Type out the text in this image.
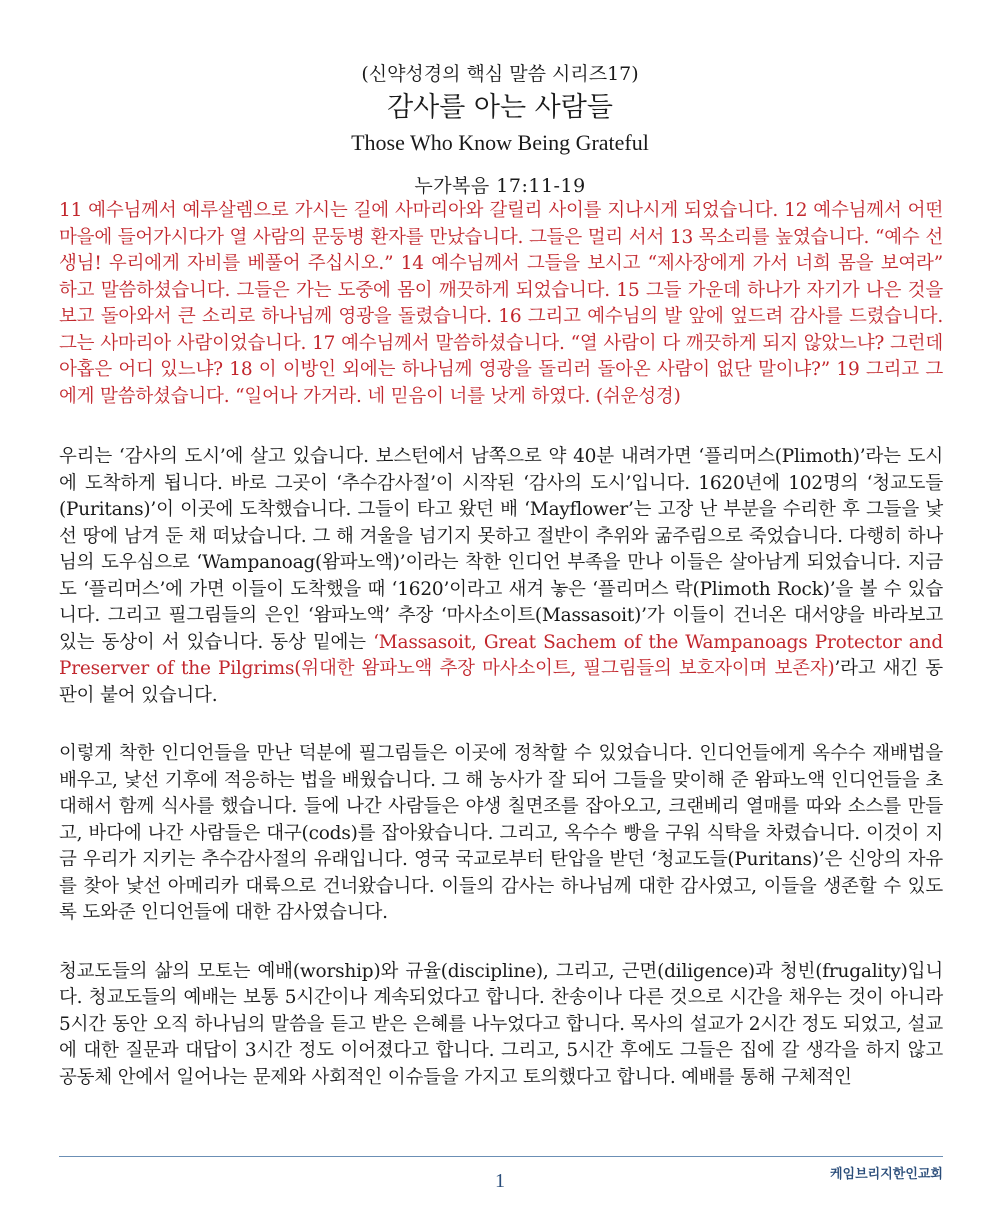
(신약성경의 핵심 말씀 시리즈17)
감사를 아는 사람들
Those Who Know Being Grateful
누가복음 17:11-19

11 예수님께서 예루살렘으로 가시는 길에 사마리아와 갈릴리 사이를 지나시게 되었습니다. 12 예수님께서 어떤 마을에 들어가시다가 열 사람의 문둥병 환자를 만났습니다. 그들은 멀리 서서 13 목소리를 높였습니다. “예수 선생님! 우리에게 자비를 베풀어 주십시오.” 14 예수님께서 그들을 보시고 “제사장에게 가서 너희 몸을 보여라” 하고 말씀하셨습니다. 그들은 가는 도중에 몸이 깨끗하게 되었습니다. 15 그들 가운데 하나가 자기가 나은 것을 보고 돌아와서 큰 소리로 하나님께 영광을 돌렸습니다. 16 그리고 예수님의 발 앞에 엎드려 감사를 드렸습니다. 그는 사마리아 사람이었습니다. 17 예수님께서 말씀하셨습니다. “열 사람이 다 깨끗하게 되지 않았느냐? 그런데 아홉은 어디 있느냐? 18 이 이방인 외에는 하나님께 영광을 돌리러 돌아온 사람이 없단 말이냐?” 19 그리고 그에게 말씀하셨습니다. “일어나 가거라. 네 믿음이 너를 낫게 하였다. (쉬운성경)

우리는 ‘감사의 도시’에 살고 있습니다. 보스턴에서 남쪽으로 약 40분 내려가면 ‘플리머스(Plimoth)’라는 도시에 도착하게 됩니다. 바로 그곳이 ‘추수감사절’이 시작된 ‘감사의 도시’입니다. 1620년에 102명의 ‘청교도들(Puritans)’이 이곳에 도착했습니다. 그들이 타고 왔던 배 ‘Mayflower’는 고장 난 부분을 수리한 후 그들을 낯선 땅에 남겨 둔 채 떠났습니다. 그 해 겨울을 넘기지 못하고 절반이 추위와 굶주림으로 죽었습니다. 다행히 하나님의 도우심으로 ‘Wampanoag(왐파노액)’이라는 착한 인디언 부족을 만나 이들은 살아남게 되었습니다. 지금도 ‘플리머스’에 가면 이들이 도착했을 때 ‘1620’이라고 새겨 놓은 ‘플리머스 락(Plimoth Rock)’을 볼 수 있습니다. 그리고 필그림들의 은인 ‘왐파노액’ 추장 ‘마사소이트(Massasoit)’가 이들이 건너온 대서양을 바라보고 있는 동상이 서 있습니다. 동상 밑에는 ‘Massasoit, Great Sachem of the Wampanoags Protector and Preserver of the Pilgrims(위대한 왐파노액 추장 마사소이트, 필그림들의 보호자이며 보존자)’라고 새긴 동판이 붙어 있습니다.

이렇게 착한 인디언들을 만난 덕분에 필그림들은 이곳에 정착할 수 있었습니다. 인디언들에게 옥수수 재배법을 배우고, 낯선 기후에 적응하는 법을 배웠습니다. 그 해 농사가 잘 되어 그들을 맞이해 준 왐파노액 인디언들을 초대해서 함께 식사를 했습니다. 들에 나간 사람들은 야생 칠면조를 잡아오고, 크랜베리 열매를 따와 소스를 만들고, 바다에 나간 사람들은 대구(cods)를 잡아왔습니다. 그리고, 옥수수 빵을 구워 식탁을 차렸습니다. 이것이 지금 우리가 지키는 추수감사절의 유래입니다. 영국 국교로부터 탄압을 받던 ‘청교도들(Puritans)’은 신앙의 자유를 찾아 낯선 아메리카 대륙으로 건너왔습니다. 이들의 감사는 하나님께 대한 감사였고, 이들을 생존할 수 있도록 도와준 인디언들에 대한 감사였습니다.

청교도들의 삶의 모토는 예배(worship)와 규율(discipline), 그리고, 근면(diligence)과 청빈(frugality)입니다. 청교도들의 예배는 보통 5시간이나 계속되었다고 합니다. 찬송이나 다른 것으로 시간을 채우는 것이 아니라 5시간 동안 오직 하나님의 말씀을 듣고 받은 은혜를 나누었다고 합니다. 목사의 설교가 2시간 정도 되었고, 설교에 대한 질문과 대답이 3시간 정도 이어졌다고 합니다. 그리고, 5시간 후에도 그들은 집에 갈 생각을 하지 않고 공동체 안에서 일어나는 문제와 사회적인 이슈들을 가지고 토의했다고 합니다. 예배를 통해 구체적인

1	케임브리지한인교회
